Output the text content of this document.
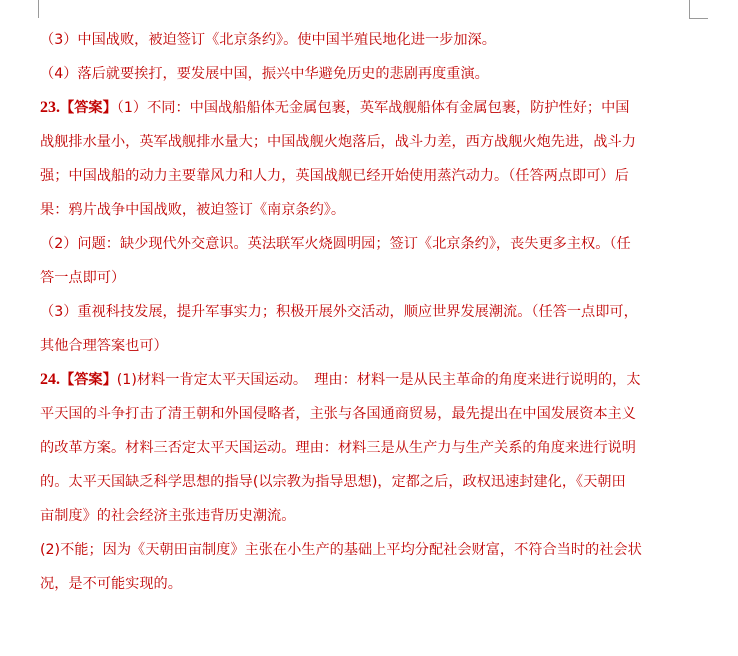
（3）中国战败，被迫签订《北京条约》。使中国半殖民地化进一步加深。
（4）落后就要挨打，要发展中国，振兴中华避免历史的悲剧再度重演。
23.【答案】（1）不同：中国战船船体无金属包裹，英军战舰船体有金属包裹，防护性好；中国
战舰排水量小，英军战舰排水量大；中国战舰火炮落后，战斗力差，西方战舰火炮先进，战斗力
强；中国战船的动力主要靠风力和人力，英国战舰已经开始使用蒸汽动力。（任答两点即可）后
果：鸦片战争中国战败，被迫签订《南京条约》。
（2）问题：缺少现代外交意识。英法联军火烧圆明园；签订《北京条约》，丧失更多主权。（任
答一点即可）
（3）重视科技发展，提升军事实力；积极开展外交活动，顺应世界发展潮流。（任答一点即可，
其他合理答案也可）
24.【答案】(1)材料一肯定太平天国运动。　理由：材料一是从民主革命的角度来进行说明的，太
平天国的斗争打击了清王朝和外国侵略者，主张与各国通商贸易，最先提出在中国发展资本主义
的改革方案。材料三否定太平天国运动。理由：材料三是从生产力与生产关系的角度来进行说明
的。太平天国缺乏科学思想的指导(以宗教为指导思想)，定都之后，政权迅速封建化，《天朝田
亩制度》的社会经济主张违背历史潮流。
(2)不能；因为《天朝田亩制度》主张在小生产的基础上平均分配社会财富，不符合当时的社会状
况，是不可能实现的。
